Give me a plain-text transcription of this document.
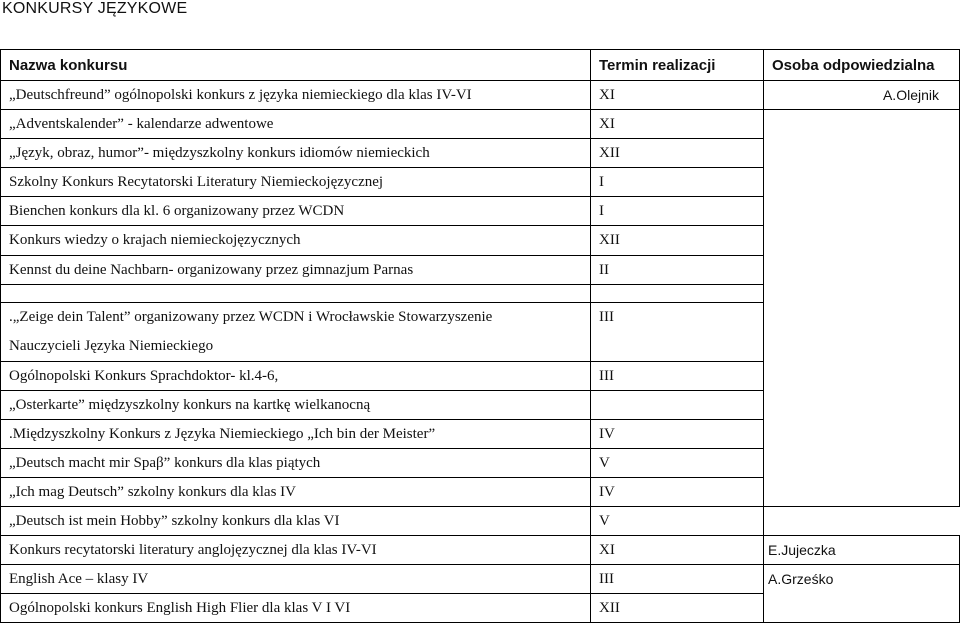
KONKURSY JĘZYKOWE
Nazwa konkursu	Termin realizacji	Osoba odpowiedzialna
„Deutschfreund” ogólnopolski konkurs z języka niemieckiego dla klas IV-VI	XI	A.Olejnik
„Adventskalender” - kalendarze adwentowe	XI	
„Język, obraz, humor”- międzyszkolny konkurs idiomów niemieckich	XII	
Szkolny Konkurs Recytatorski Literatury Niemieckojęzycznej	I	
Bienchen konkurs dla kl. 6 organizowany przez WCDN	I	
Konkurs wiedzy o krajach niemieckojęzycznych	XII	
Kennst du deine Nachbarn- organizowany przez gimnazjum Parnas	II	

.„Zeige dein Talent” organizowany przez WCDN i Wrocławskie Stowarzyszenie
Nauczycieli Języka Niemieckiego	III	
Ogólnopolski Konkurs Sprachdoktor- kl.4-6,	III	
„Osterkarte” międzyszkolny konkurs na kartkę wielkanocną		
.Międzyszkolny Konkurs z Języka Niemieckiego „Ich bin der Meister”	IV	
„Deutsch macht mir Spaβ” konkurs dla klas piątych	V	
„Ich mag Deutsch” szkolny konkurs dla klas IV	IV	
„Deutsch ist mein Hobby” szkolny konkurs dla klas VI	V	
Konkurs recytatorski literatury anglojęzycznej dla klas IV-VI	XI	E.Jujeczka
English Ace – klasy IV	III	A.Grześko
Ogólnopolski konkurs English High Flier dla klas V I VI	XII	
